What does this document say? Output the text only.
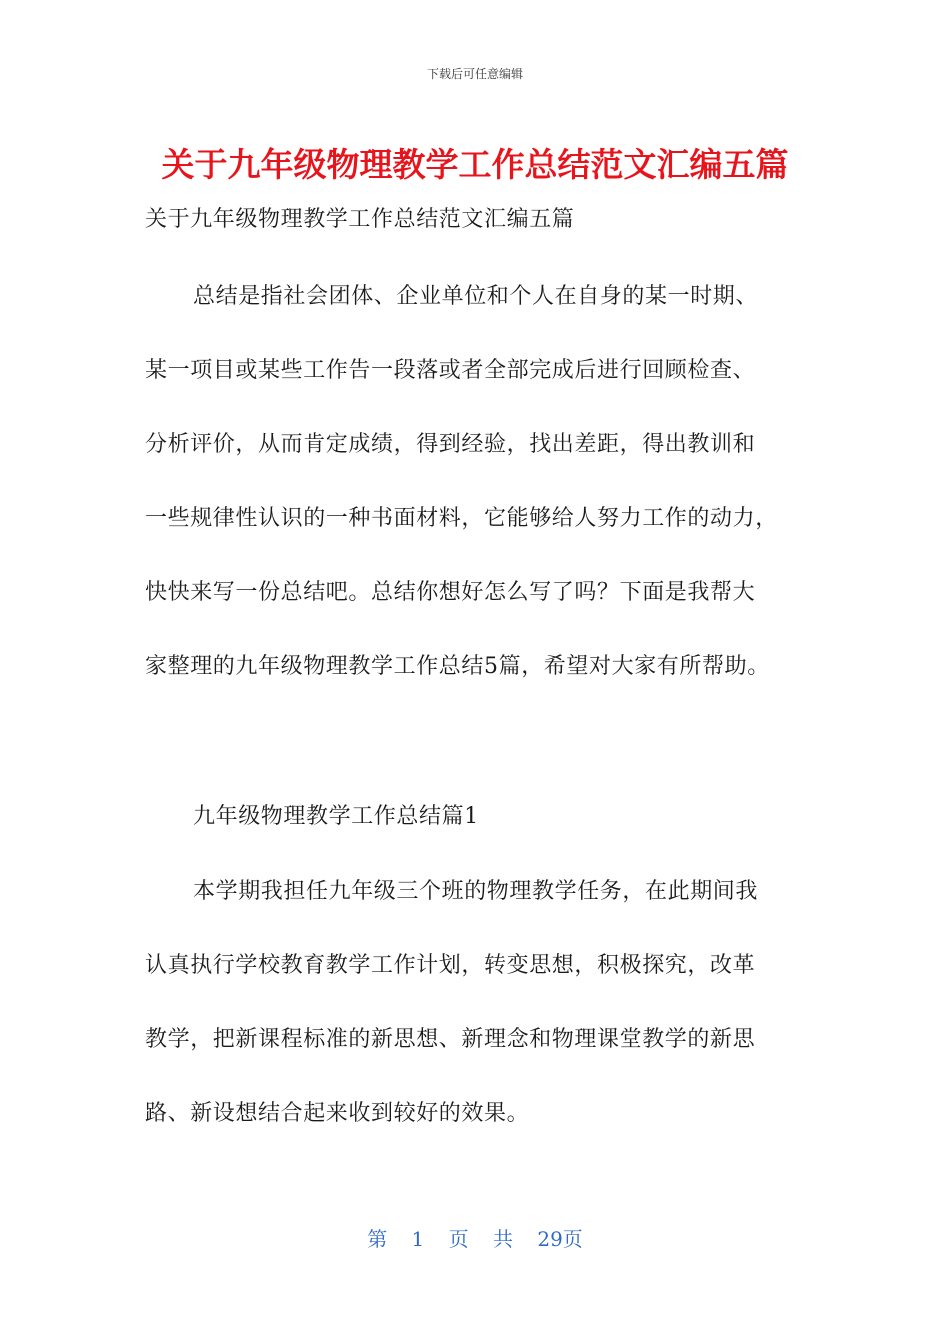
下载后可任意编辑
关于九年级物理教学工作总结范文汇编五篇
关于九年级物理教学工作总结范文汇编五篇
总结是指社会团体、企业单位和个人在自身的某一时期、
某一项目或某些工作告一段落或者全部完成后进行回顾检查、
分析评价，从而肯定成绩，得到经验，找出差距，得出教训和
一些规律性认识的一种书面材料，它能够给人努力工作的动力，
快快来写一份总结吧。总结你想好怎么写了吗？下面是我帮大
家整理的九年级物理教学工作总结5篇，希望对大家有所帮助。
九年级物理教学工作总结篇1
本学期我担任九年级三个班的物理教学任务，在此期间我
认真执行学校教育教学工作计划，转变思想，积极探究，改革
教学，把新课程标准的新思想、新理念和物理课堂教学的新思
路、新设想结合起来收到较好的效果。
第 1 页 共 29页
